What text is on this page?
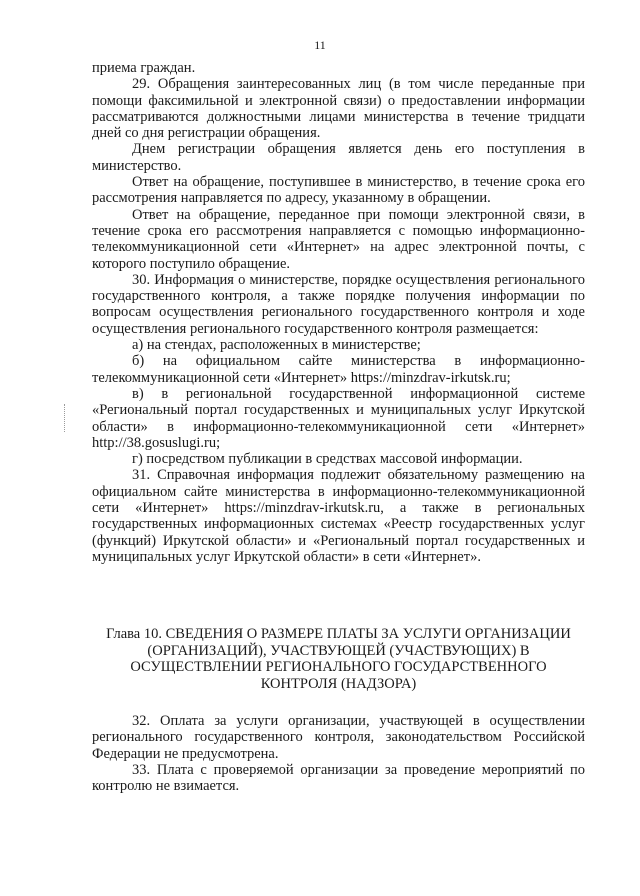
11

приема граждан.

29. Обращения заинтересованных лиц (в том числе переданные при помощи факсимильной и электронной связи) о предоставлении информации рассматриваются должностными лицами министерства в течение тридцати дней со дня регистрации обращения.

Днем регистрации обращения является день его поступления в министерство.

Ответ на обращение, поступившее в министерство, в течение срока его рассмотрения направляется по адресу, указанному в обращении.

Ответ на обращение, переданное при помощи электронной связи, в течение срока его рассмотрения направляется с помощью информационно-телекоммуникационной сети «Интернет» на адрес электронной почты, с которого поступило обращение.

30. Информация о министерстве, порядке осуществления регионального государственного контроля, а также порядке получения информации по вопросам осуществления регионального государственного контроля и ходе осуществления регионального государственного контроля размещается:

а) на стендах, расположенных в министерстве;

б) на официальном сайте министерства в информационно-телекоммуникационной сети «Интернет» https://minzdrav-irkutsk.ru;

в) в региональной государственной информационной системе «Региональный портал государственных и муниципальных услуг Иркутской области» в информационно-телекоммуникационной сети «Интернет» http://38.gosuslugi.ru;

г) посредством публикации в средствах массовой информации.

31. Справочная информация подлежит обязательному размещению на официальном сайте министерства в информационно-телекоммуникационной сети «Интернет» https://minzdrav-irkutsk.ru, а также в региональных государственных информационных системах «Реестр государственных услуг (функций) Иркутской области» и «Региональный портал государственных и муниципальных услуг Иркутской области» в сети «Интернет».

Глава 10. СВЕДЕНИЯ О РАЗМЕРЕ ПЛАТЫ ЗА УСЛУГИ ОРГАНИЗАЦИИ
(ОРГАНИЗАЦИЙ), УЧАСТВУЮЩЕЙ (УЧАСТВУЮЩИХ) В
ОСУЩЕСТВЛЕНИИ РЕГИОНАЛЬНОГО ГОСУДАРСТВЕННОГО
КОНТРОЛЯ (НАДЗОРА)

32. Оплата за услуги организации, участвующей в осуществлении регионального государственного контроля, законодательством Российской Федерации не предусмотрена.

33. Плата с проверяемой организации за проведение мероприятий по контролю не взимается.
